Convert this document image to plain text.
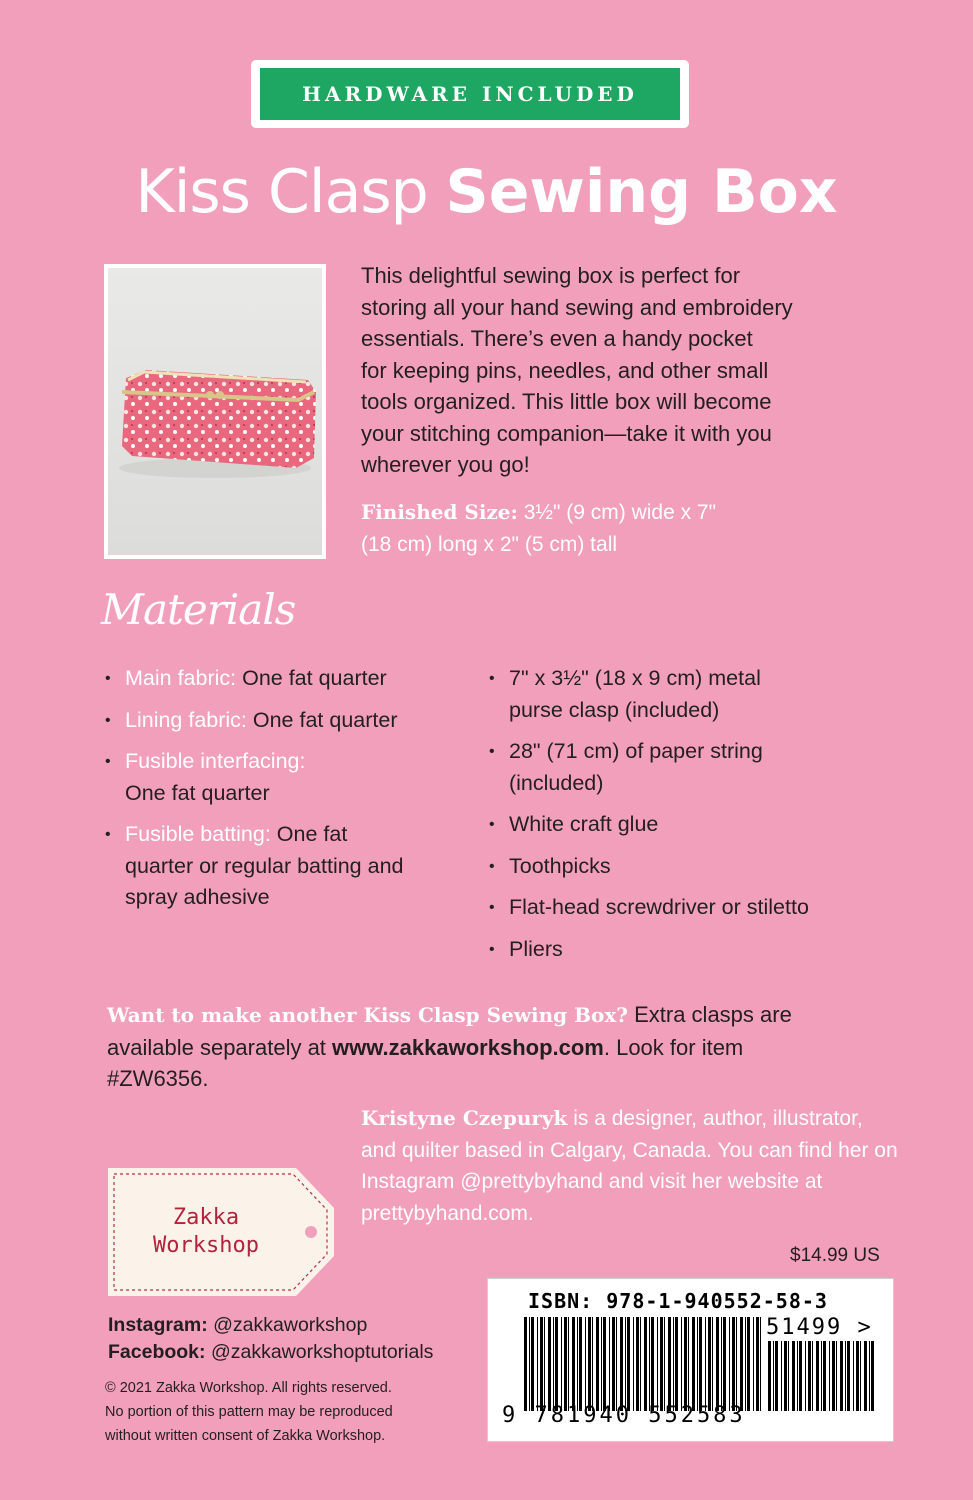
HARDWARE INCLUDED
Kiss Clasp Sewing Box

This delightful sewing box is perfect for

storing all your hand sewing and embroidery

essentials. There’s even a handy pocket

for keeping pins, needles, and other small

tools organized. This little box will become

your stitching companion—take it with you

wherever you go!

Finished Size: 3½" (9 cm) wide x 7"
(18 cm) long x 2" (5 cm) tall
Materials
• Main fabric: One fat quarter
• Lining fabric: One fat quarter
• Fusible interfacing: One fat quarter
• Fusible batting: One fat quarter or regular batting and spray adhesive
• 7" x 3½" (18 x 9 cm) metal purse clasp (included)
• 28" (71 cm) of paper string (included)
• White craft glue
• Toothpicks
• Flat-head screwdriver or stiletto
• Pliers
Want to make another Kiss Clasp Sewing Box? Extra clasps are available separately at www.zakkaworkshop.com. Look for item #ZW6356.
Kristyne Czepuryk is a designer, author, illustrator, and quilter based in Calgary, Canada. You can find her on Instagram @prettybyhand and visit her website at prettybyhand.com.
Zakka
Workshop
Instagram: @zakkaworkshop
Facebook: @zakkaworkshoptutorials
© 2021 Zakka Workshop. All rights reserved.
No portion of this pattern may be reproduced
without written consent of Zakka Workshop.
$14.99 US
ISBN: 978-1-940552-58-3
51499 >
9 781940 552583
